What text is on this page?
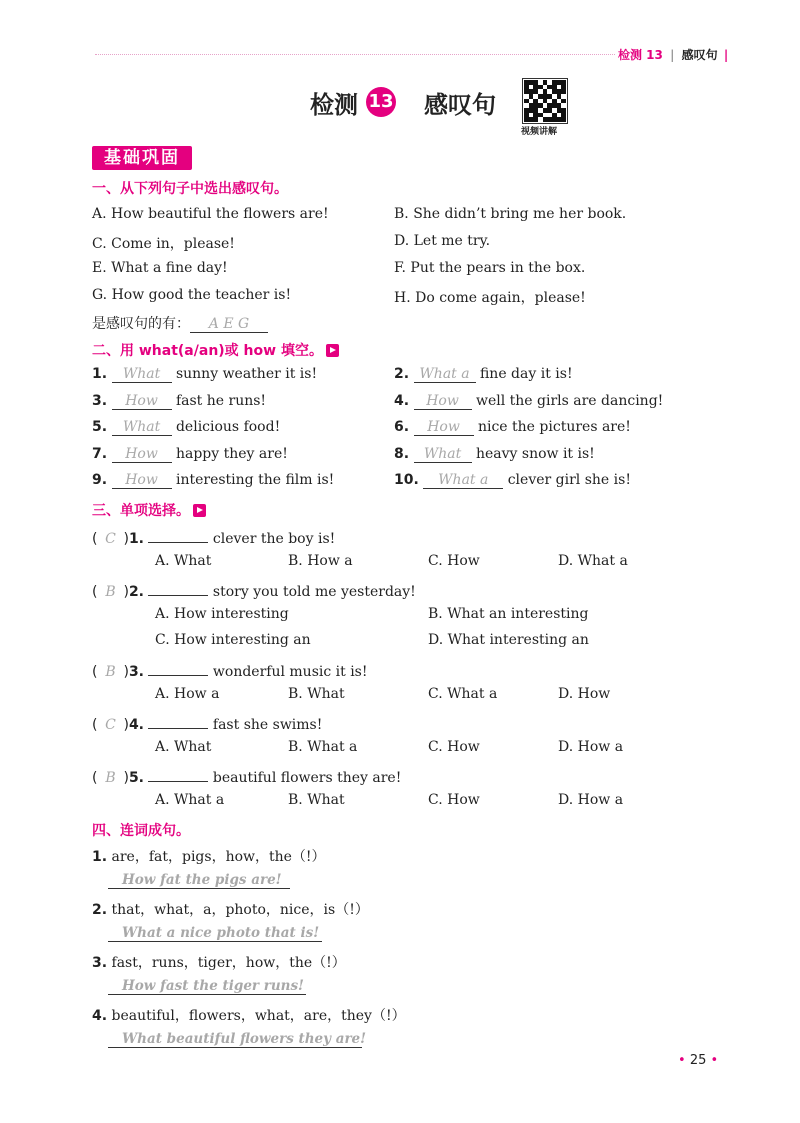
检测 13 | 感叹句 |
检测 13 感叹句
视频讲解
基础巩固
一、从下列句子中选出感叹句。
A. How beautiful the flowers are!	B. She didn’t bring me her book.
C. Come in，please!	D. Let me try.
E. What a fine day!	F. Put the pears in the box.
G. How good the teacher is!	H. Do come again，please!
是感叹句的有： A E G
二、用 what(a/an)或 how 填空。
1. What sunny weather it is!	2. What a fine day it is!
3. How fast he runs!	4. How well the girls are dancing!
5. What delicious food!	6. How nice the pictures are!
7. How happy they are!	8. What heavy snow it is!
9. How interesting the film is!	10. What a clever girl she is!
三、单项选择。
( C )1.	clever the boy is!
A. What	B. How a	C. How	D. What a
( B )2.	story you told me yesterday!
A. How interesting	B. What an interesting
C. How interesting an	D. What interesting an
( B )3.	wonderful music it is!
A. How a	B. What	C. What a	D. How
( C )4.	fast she swims!
A. What	B. What a	C. How	D. How a
( B )5.	beautiful flowers they are!
A. What a	B. What	C. How	D. How a
四、连词成句。
1. are，fat，pigs，how，the（!）
How fat the pigs are!
2. that，what，a，photo，nice，is（!）
What a nice photo that is!
3. fast，runs，tiger，how，the（!）
How fast the tiger runs!
4. beautiful，flowers，what，are，they（!）
What beautiful flowers they are!
• 25 •
